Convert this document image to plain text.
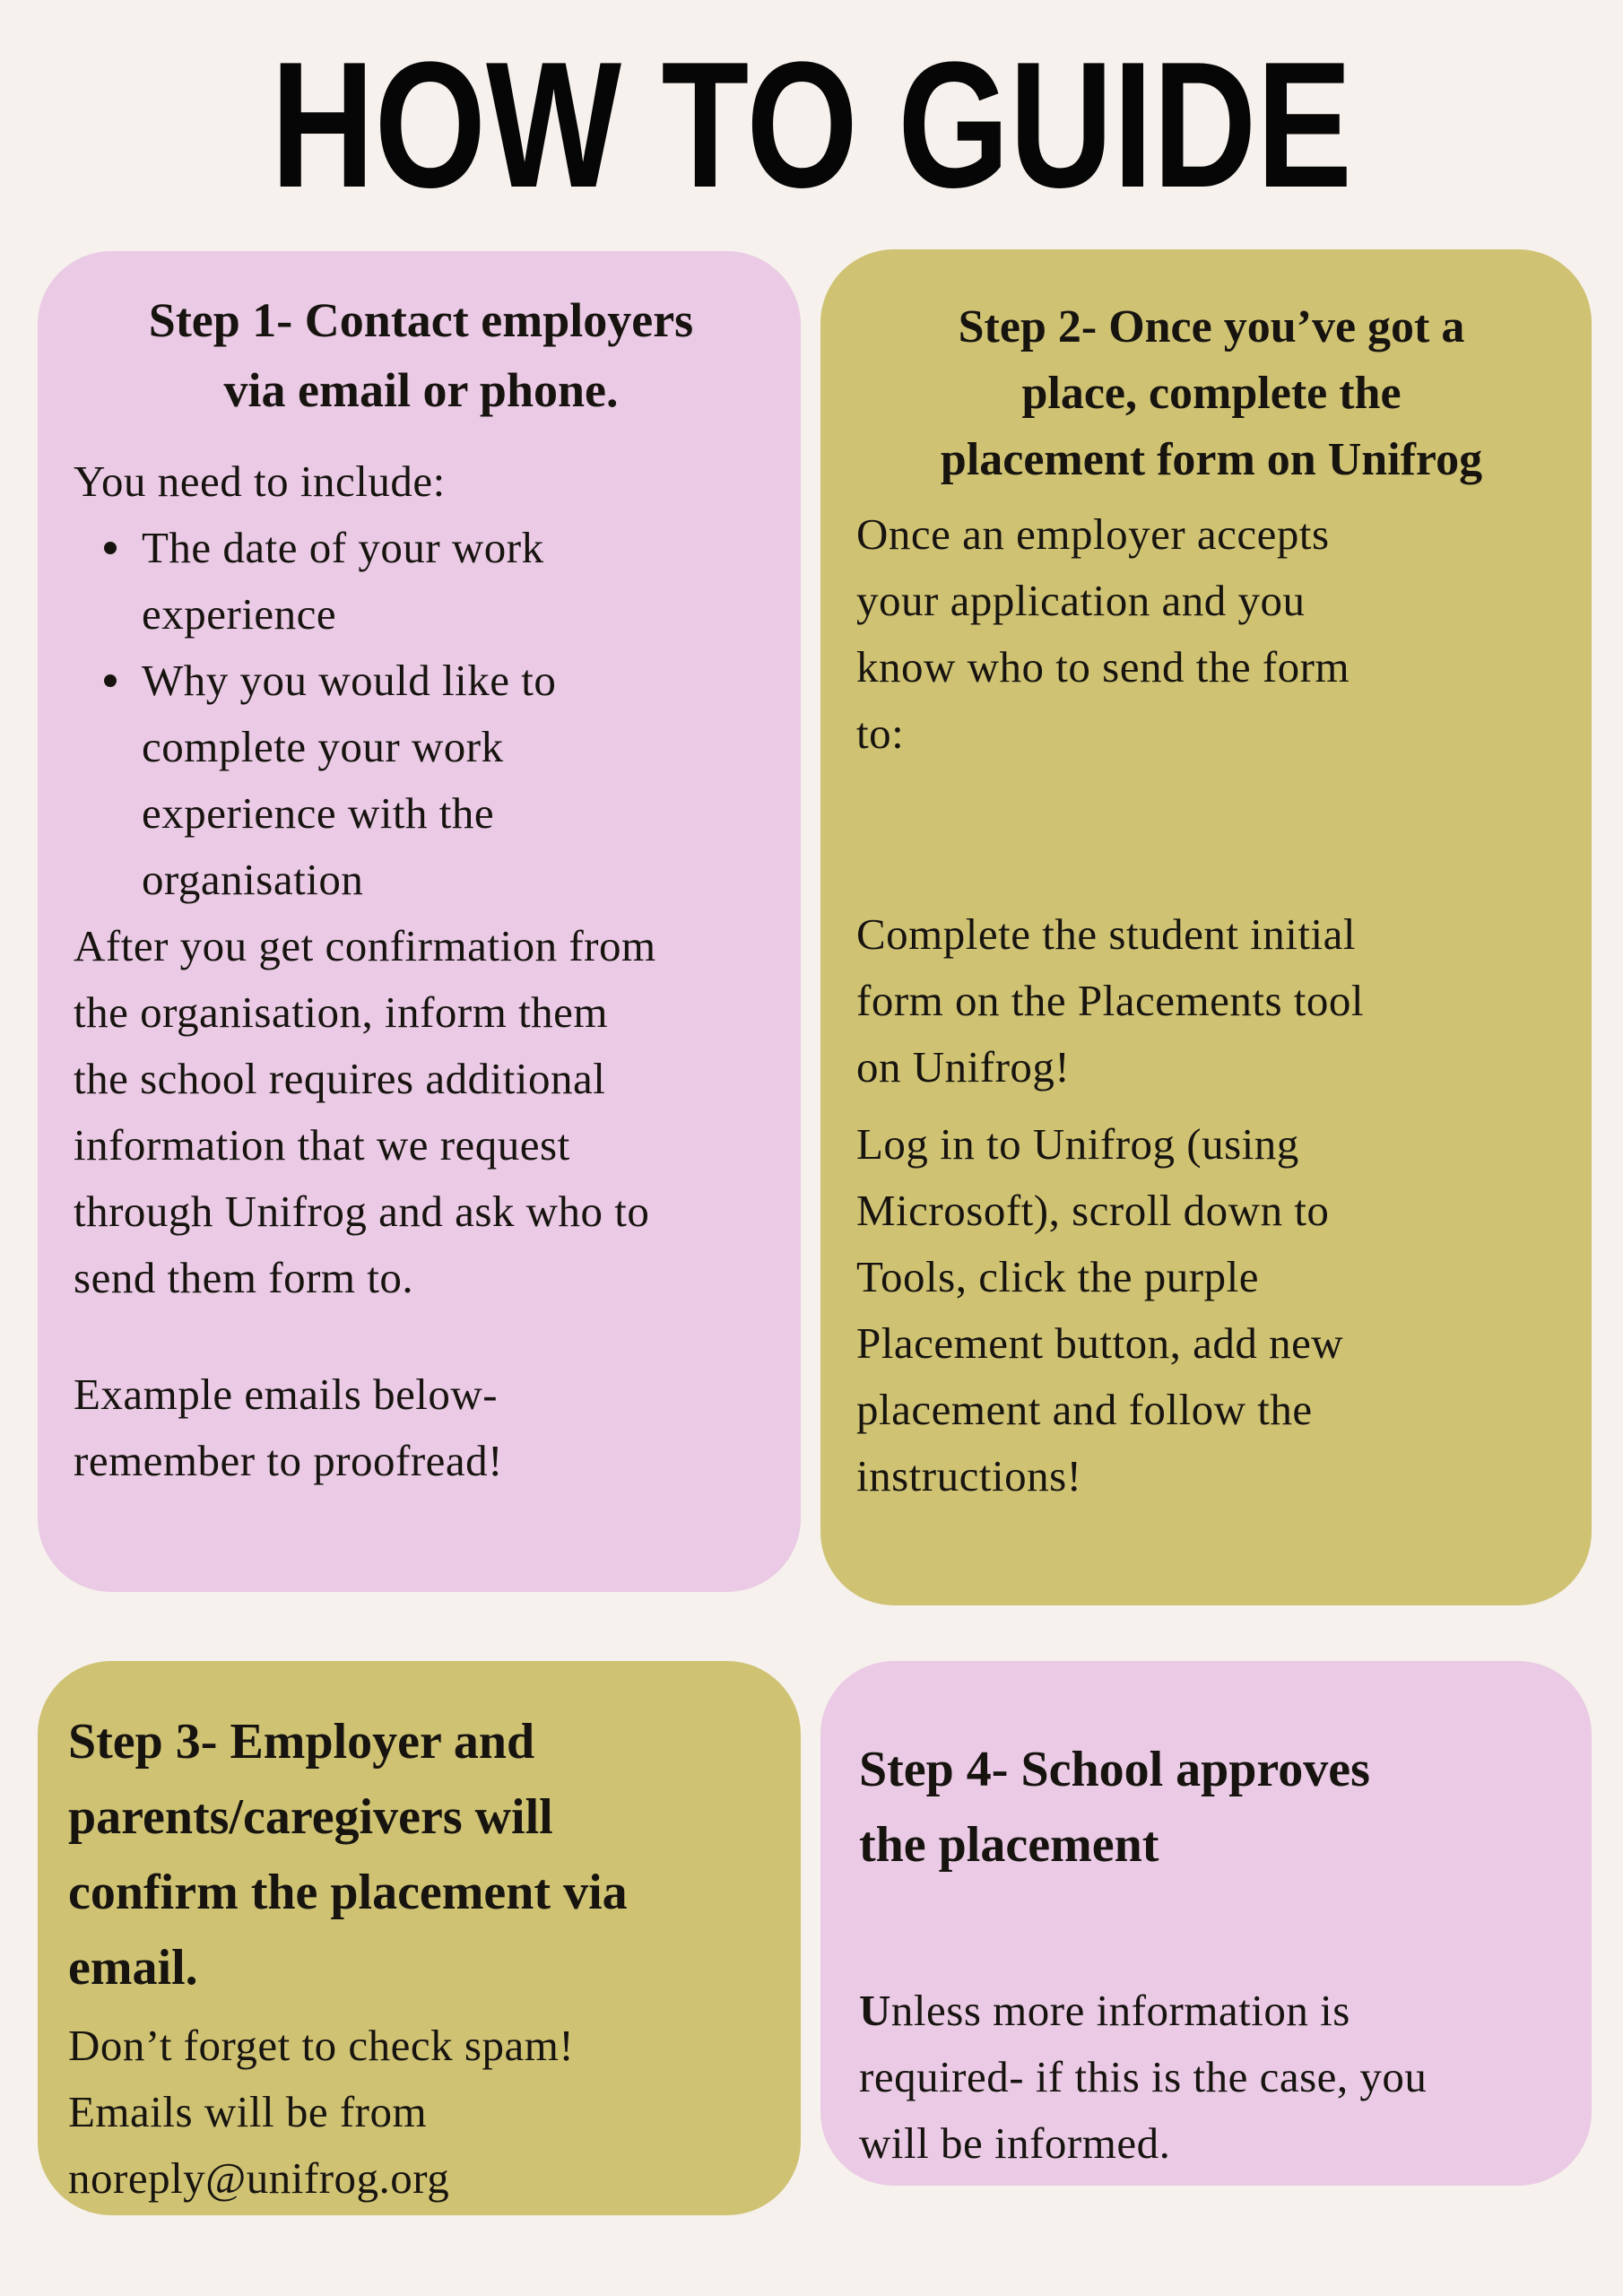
HOW TO GUIDE
Step 1- Contact employers
via email or phone.
You need to include:
The date of your work
experience
Why you would like to
complete your work
experience with the
organisation
After you get confirmation from
the organisation, inform them
the school requires additional
information that we request
through Unifrog and ask who to
send them form to.
Example emails below-
remember to proofread!
Step 2- Once you’ve got a
place, complete the
placement form on Unifrog
Once an employer accepts
your application and you
know who to send the form
to:
Complete the student initial
form on the Placements tool
on Unifrog!
Log in to Unifrog (using
Microsoft), scroll down to
Tools, click the purple
Placement button, add new
placement and follow the
instructions!
Step 3- Employer and
parents/caregivers will
confirm the placement via
email.
Don’t forget to check spam!
Emails will be from
noreply@unifrog.org
Step 4- School approves
the placement
Unless more information is
required- if this is the case, you
will be informed.
